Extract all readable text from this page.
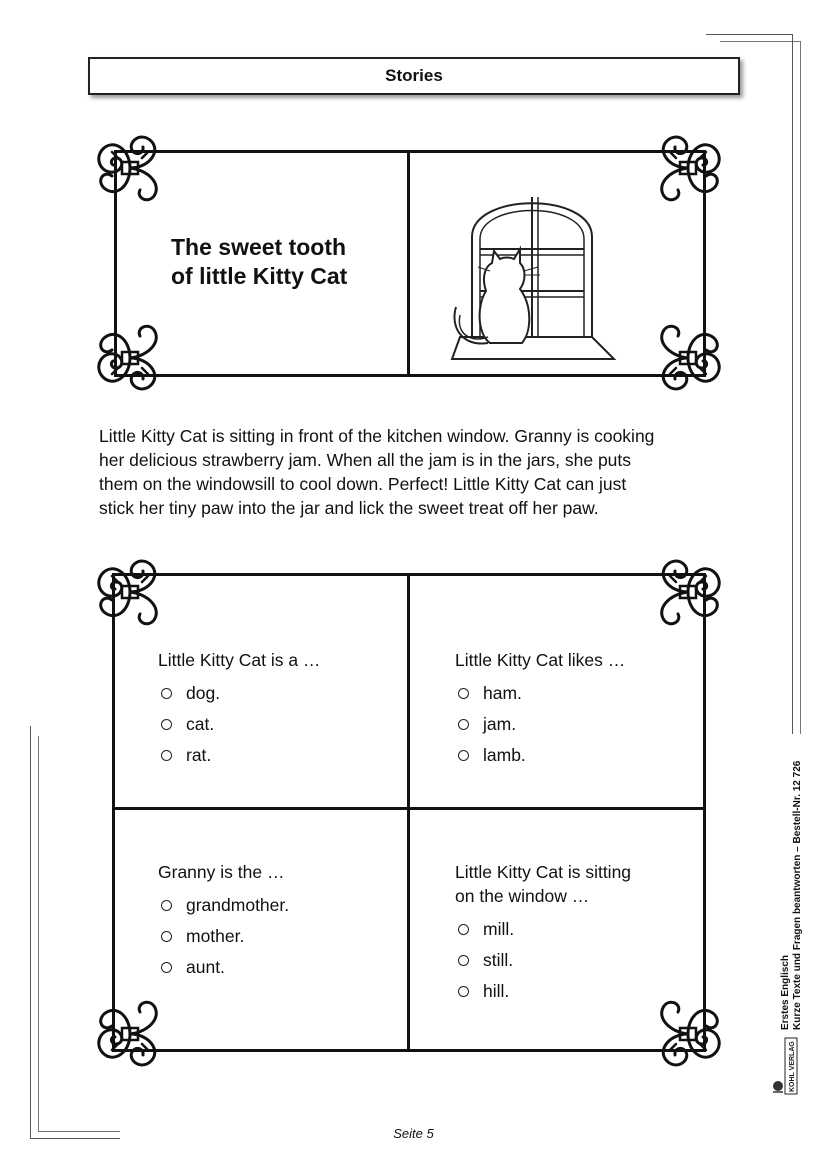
Stories
The sweet tooth
of little Kitty Cat
Little Kitty Cat is sitting in front of the kitchen window. Granny is cooking
her delicious strawberry jam. When all the jam is in the jars, she puts
them on the windowsill to cool down. Perfect! Little Kitty Cat can just
stick her tiny paw into the jar and lick the sweet treat off her paw.
Little Kitty Cat is a …
dog.
cat.
rat.
Little Kitty Cat likes …
ham.
jam.
lamb.
Granny is the …
grandmother.
mother.
aunt.
Little Kitty Cat is sitting
on the window …
mill.
still.
hill.	Erstes Englisch Kurze Texte und Fragen beantworten – Bestell-Nr. 12 726
KOHL VERLAG
Seite 5
